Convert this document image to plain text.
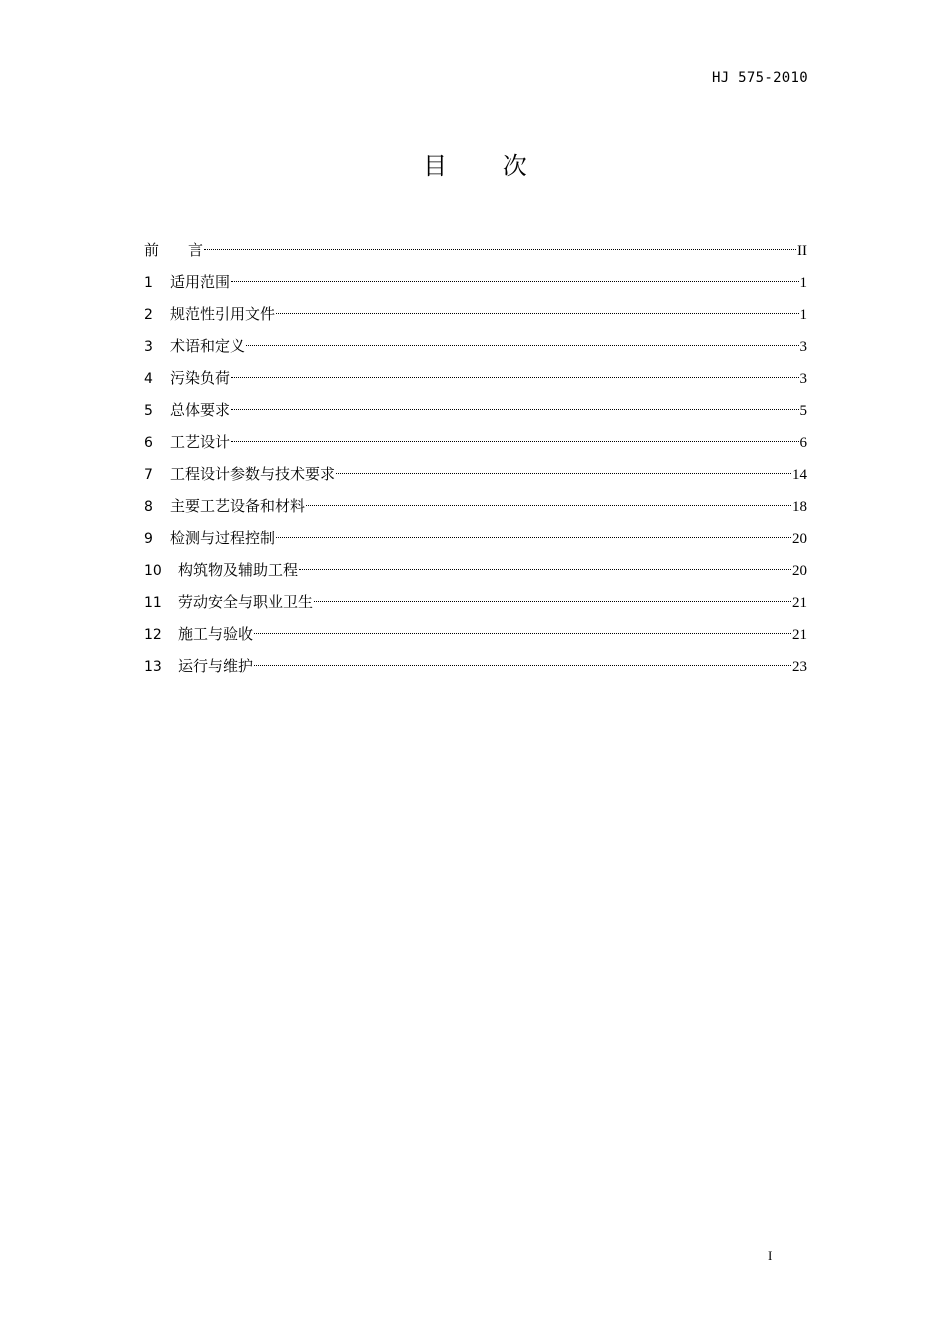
HJ 575-2010
目 次
前 言	II
1	适用范围	1
2	规范性引用文件	1
3	术语和定义	3
4	污染负荷	3
5	总体要求	5
6	工艺设计	6
7	工程设计参数与技术要求	14
8	主要工艺设备和材料	18
9	检测与过程控制	20
10	构筑物及辅助工程	20
11	劳动安全与职业卫生	21
12	施工与验收	21
13	运行与维护	23
I
